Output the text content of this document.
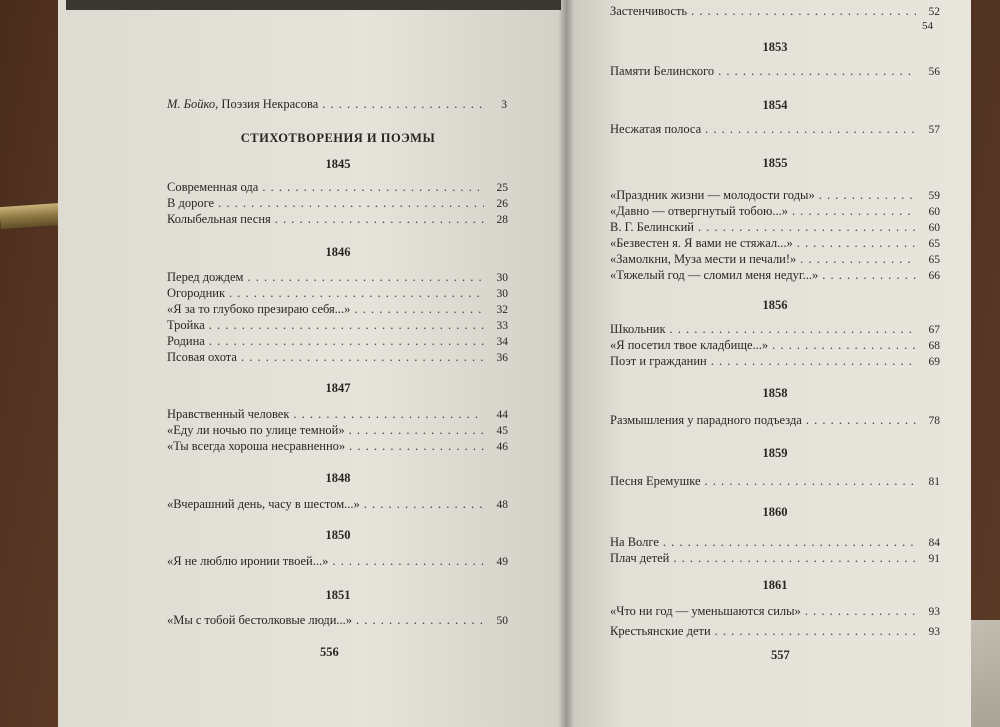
М. Бойко, Поэзия Некрасова . . .	3
СТИХОТВОРЕНИЯ И ПОЭМЫ
1845
Современная ода . . .	25
В дороге . . .	26
Колыбельная песня . . .	28
1846
Перед дождем . . .	30
Огородник . . .	30
«Я за то глубоко презираю себя...» . . .	32
Тройка . . .	33
Родина . . .	34
Псовая охота . . .	36
1847
Нравственный человек . . .	44
«Еду ли ночью по улице темной» . . .	45
«Ты всегда хороша несравненно» . . .	46
1848
«Вчерашний день, часу в шестом...» . . .	48
1850
«Я не люблю иронии твоей...» . . .	49
1851
«Мы с тобой бестолковые люди...» . . .	50
556
Застенчивость . . .	52
54
1853
Памяти Белинского . . .	56
1854
Несжатая полоса . . .	57
1855
«Праздник жизни — молодости годы» . . .	59
«Давно — отвергнутый тобою...» . . .	60
В. Г. Белинский . . .	60
«Безвестен я. Я вами не стяжал...» . . .	65
«Замолкни, Муза мести и печали!» . . .	65
«Тяжелый год — сломил меня недуг...» . . .	66
1856
Школьник . . .	67
«Я посетил твое кладбище...» . . .	68
Поэт и гражданин . . .	69
1858
Размышления у парадного подъезда . . .	78
1859
Песня Еремушке . . .	81
1860
На Волге . . .	84
Плач детей . . .	91
1861
«Что ни год — уменьшаются силы» . . .	93
Крестьянские дети . . .	93
557
